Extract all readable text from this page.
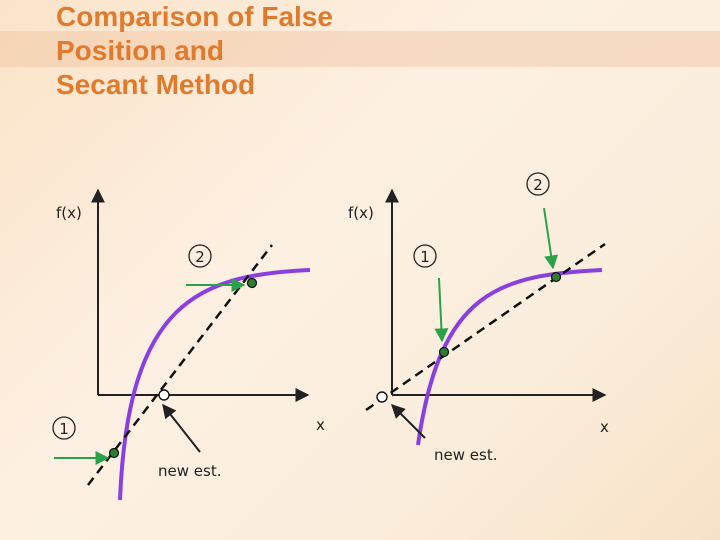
Comparison of False
Position and
Secant Method
f(x)
x
new est.
2
1
f(x)
x
new est.
1
2
